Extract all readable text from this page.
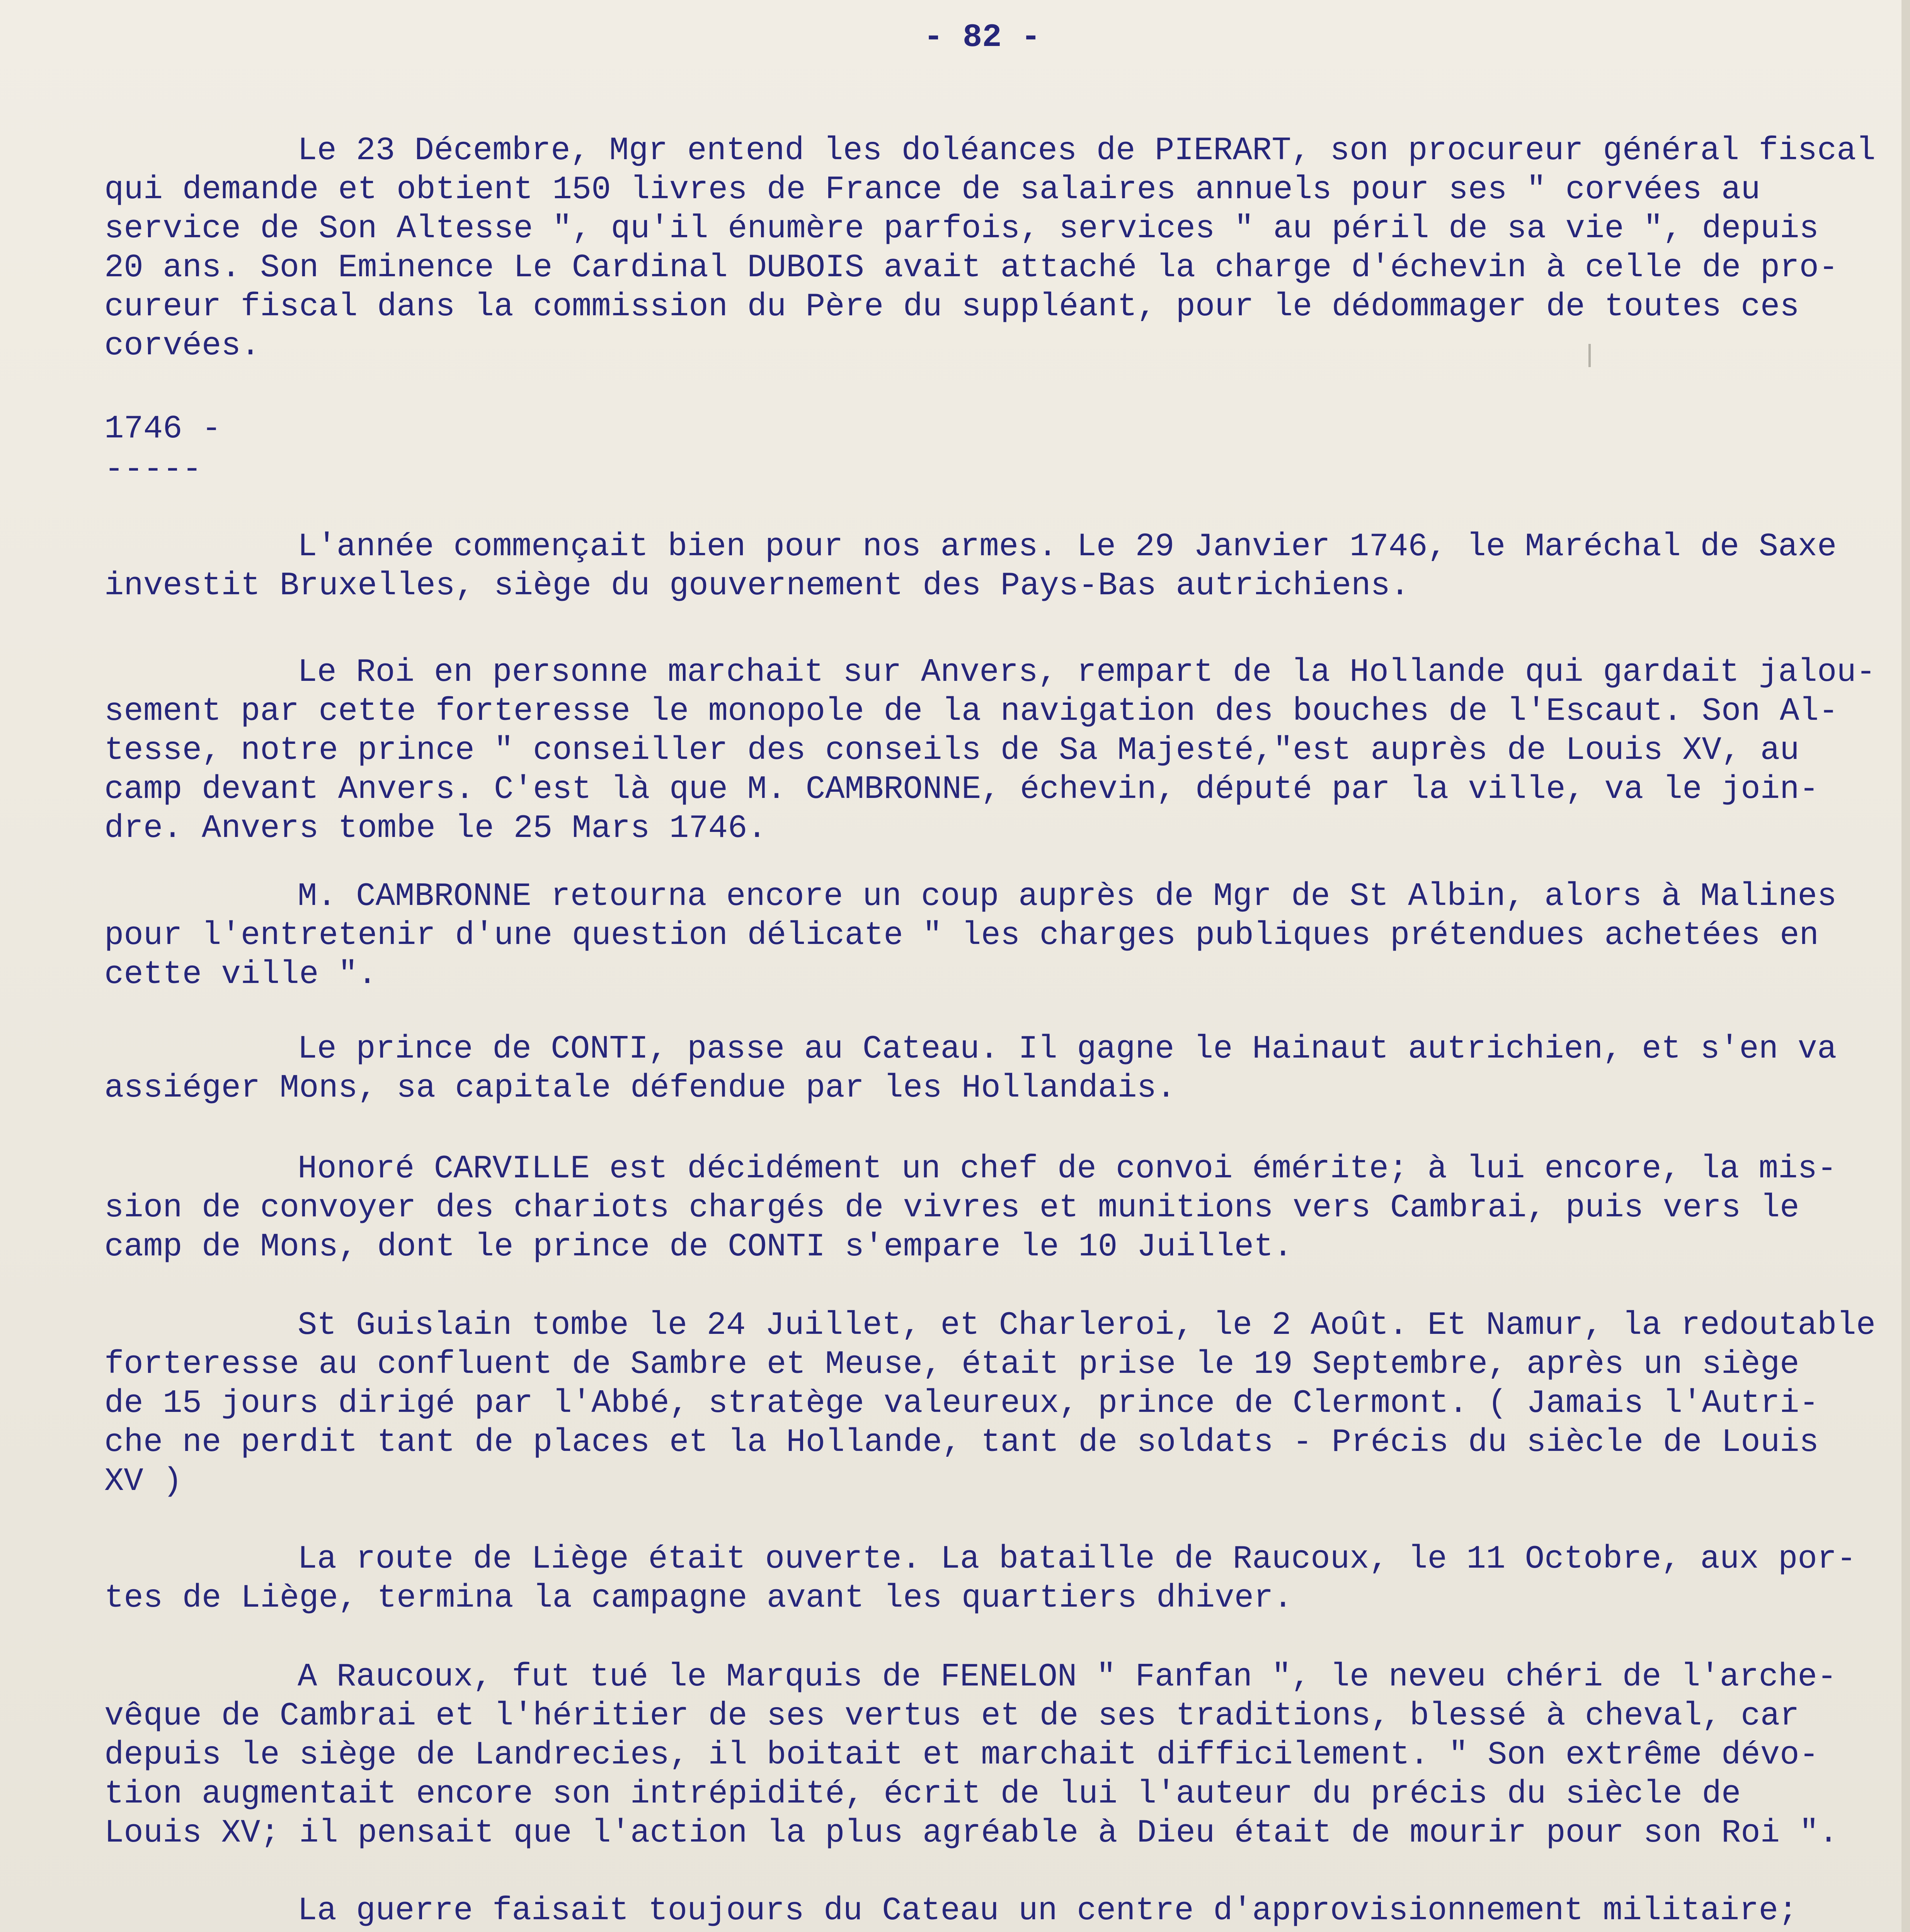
- 82 -
Le 23 Décembre, Mgr entend les doléances de PIERART, son procureur général fiscal
qui demande et obtient 150 livres de France de salaires annuels pour ses " corvées au
service de Son Altesse ", qu'il énumère parfois, services " au péril de sa vie ", depuis
20 ans. Son Eminence Le Cardinal DUBOIS avait attaché la charge d'échevin à celle de pro-
cureur fiscal dans la commission du Père du suppléant, pour le dédommager de toutes ces
corvées.
1746 -
-----
L'année commençait bien pour nos armes. Le 29 Janvier 1746, le Maréchal de Saxe
investit Bruxelles, siège du gouvernement des Pays-Bas autrichiens.
Le Roi en personne marchait sur Anvers, rempart de la Hollande qui gardait jalou-
sement par cette forteresse le monopole de la navigation des bouches de l'Escaut. Son Al-
tesse, notre prince " conseiller des conseils de Sa Majesté,"est auprès de Louis XV, au
camp devant Anvers. C'est là que M. CAMBRONNE, échevin, député par la ville, va le join-
dre. Anvers tombe le 25 Mars 1746.
M. CAMBRONNE retourna encore un coup auprès de Mgr de St Albin, alors à Malines
pour l'entretenir d'une question délicate " les charges publiques prétendues achetées en
cette ville ".
Le prince de CONTI, passe au Cateau. Il gagne le Hainaut autrichien, et s'en va
assiéger Mons, sa capitale défendue par les Hollandais.
Honoré CARVILLE est décidément un chef de convoi émérite; à lui encore, la mis-
sion de convoyer des chariots chargés de vivres et munitions vers Cambrai, puis vers le
camp de Mons, dont le prince de CONTI s'empare le 10 Juillet.
St Guislain tombe le 24 Juillet, et Charleroi, le 2 Août. Et Namur, la redoutable
forteresse au confluent de Sambre et Meuse, était prise le 19 Septembre, après un siège
de 15 jours dirigé par l'Abbé, stratège valeureux, prince de Clermont. ( Jamais l'Autri-
che ne perdit tant de places et la Hollande, tant de soldats - Précis du siècle de Louis
XV )
La route de Liège était ouverte. La bataille de Raucoux, le 11 Octobre, aux por-
tes de Liège, termina la campagne avant les quartiers dhiver.
A Raucoux, fut tué le Marquis de FENELON " Fanfan ", le neveu chéri de l'arche-
vêque de Cambrai et l'héritier de ses vertus et de ses traditions, blessé à cheval, car
depuis le siège de Landrecies, il boitait et marchait difficilement. " Son extrême dévo-
tion augmentait encore son intrépidité, écrit de lui l'auteur du précis du siècle de
Louis XV; il pensait que l'action la plus agréable à Dieu était de mourir pour son Roi ".
La guerre faisait toujours du Cateau un centre d'approvisionnement militaire;
